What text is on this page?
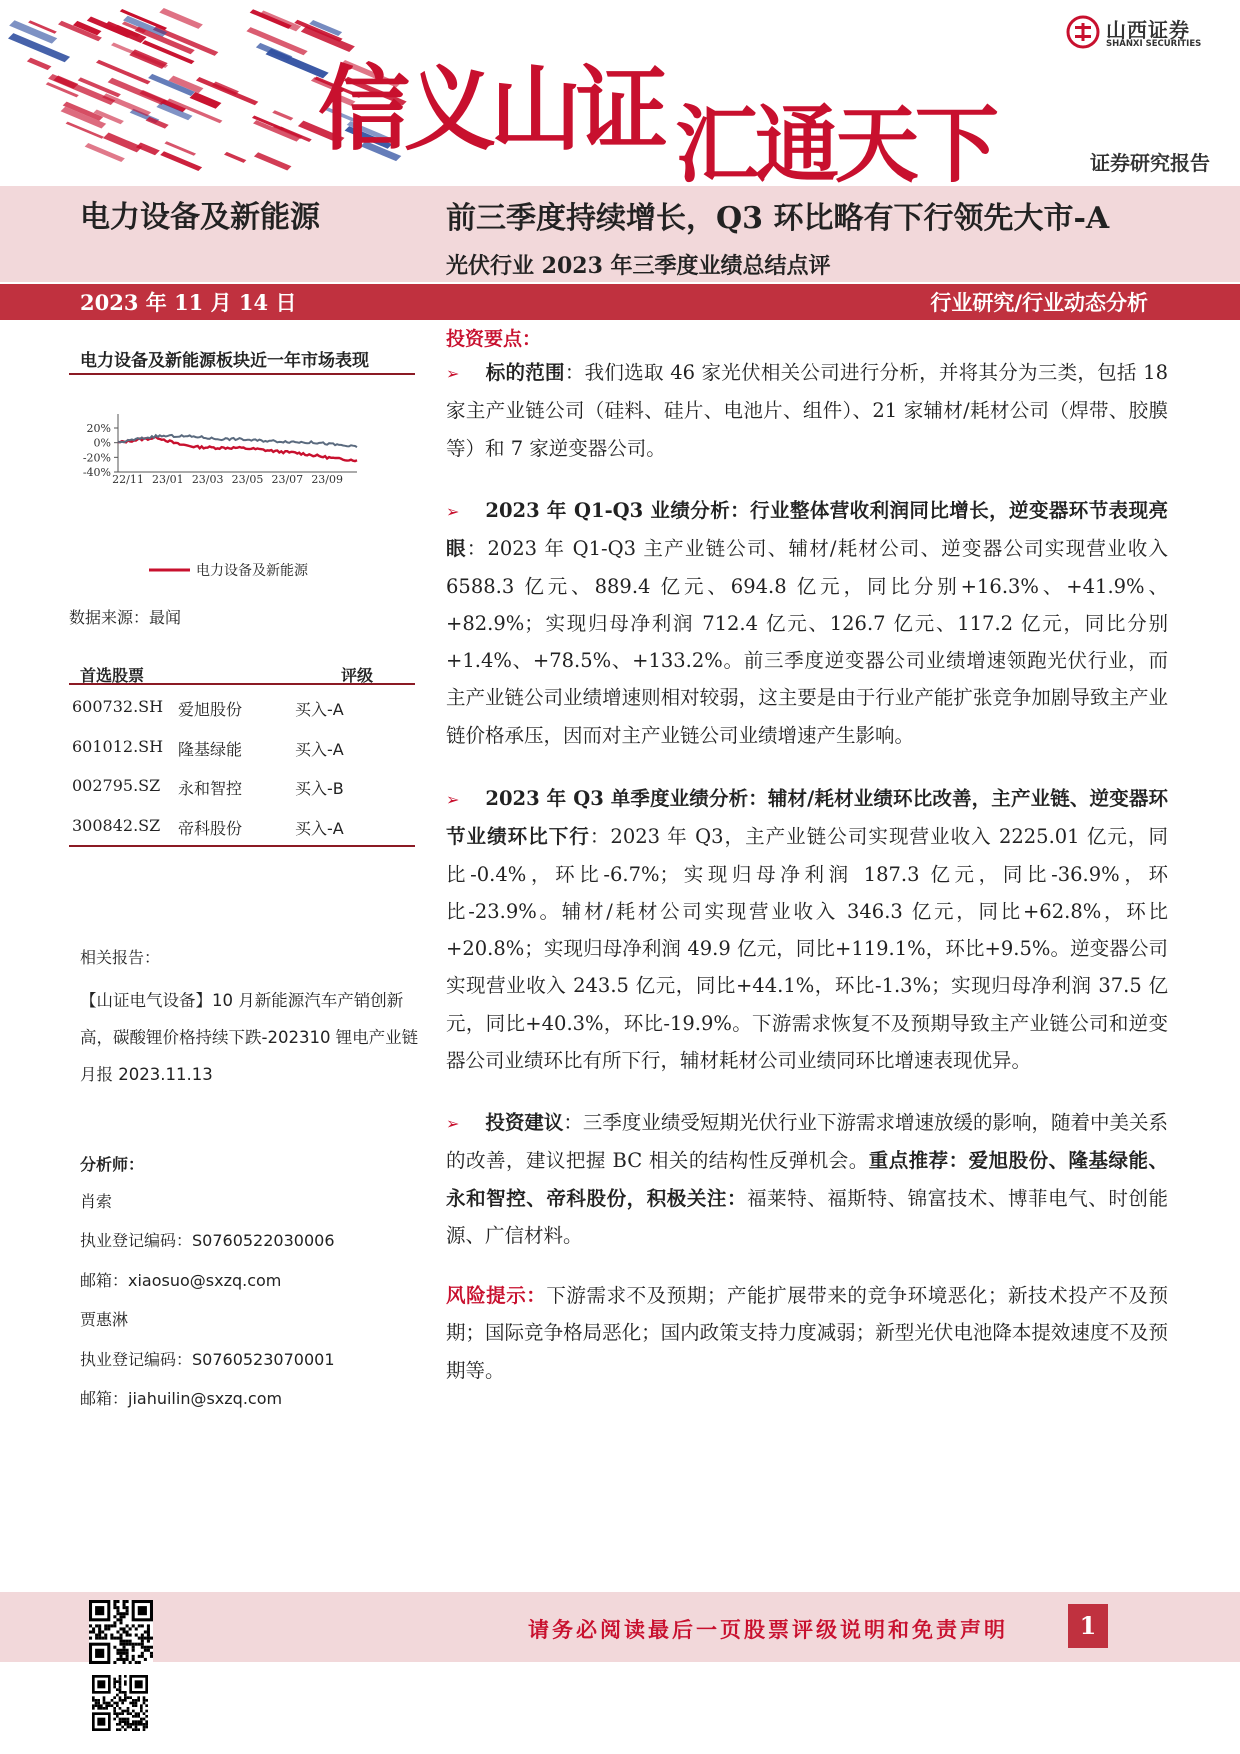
信义山证 汇通天下
山西证券
SHANXI SECURITIES
证券研究报告
电力设备及新能源	前三季度持续增长，Q3 环比略有下行领先大市-A
光伏行业 2023 年三季度业绩总结点评
2023 年 11 月 14 日	行业研究/行业动态分析
电力设备及新能源板块近一年市场表现
20%
0%
-20%
-40%
22/11 23/01 23/03 23/05 23/07 23/09
电力设备及新能源
数据来源：最闻
首选股票	评级
600732.SH 爱旭股份	买入-A
601012.SH 隆基绿能	买入-A
002795.SZ 永和智控	买入-B
300842.SZ 帝科股份	买入-A
相关报告：
【山证电气设备】10 月新能源汽车产销创新高，碳酸锂价格持续下跌-202310 锂电产业链月报 2023.11.13
分析师：
肖索
执业登记编码：S0760522030006
邮箱：xiaosuo@sxzq.com
贾惠淋
执业登记编码：S0760523070001
邮箱：jiahuilin@sxzq.com
投资要点：
➢ 标的范围：我们选取 46 家光伏相关公司进行分析，并将其分为三类，包括 18 家主产业链公司（硅料、硅片、电池片、组件）、21 家辅材/耗材公司（焊带、胶膜等）和 7 家逆变器公司。
➢ 2023 年 Q1-Q3 业绩分析：行业整体营收利润同比增长，逆变器环节表现亮眼：2023 年 Q1-Q3 主产业链公司、辅材/耗材公司、逆变器公司实现营业收入 6588.3 亿元、889.4 亿元、694.8 亿元，同比分别+16.3%、+41.9%、+82.9%；实现归母净利润 712.4 亿元、126.7 亿元、117.2 亿元，同比分别+1.4%、+78.5%、+133.2%。前三季度逆变器公司业绩增速领跑光伏行业，而主产业链公司业绩增速则相对较弱，这主要是由于行业产能扩张竞争加剧导致主产业链价格承压，因而对主产业链公司业绩增速产生影响。
➢ 2023 年 Q3 单季度业绩分析：辅材/耗材业绩环比改善，主产业链、逆变器环节业绩环比下行：2023 年 Q3，主产业链公司实现营业收入 2225.01 亿元，同比-0.4%，环比-6.7%；实现归母净利润 187.3 亿元，同比-36.9%，环比-23.9%。辅材/耗材公司实现营业收入 346.3 亿元，同比+62.8%，环比+20.8%；实现归母净利润 49.9 亿元，同比+119.1%，环比+9.5%。逆变器公司实现营业收入 243.5 亿元，同比+44.1%，环比-1.3%；实现归母净利润 37.5 亿元，同比+40.3%，环比-19.9%。下游需求恢复不及预期导致主产业链公司和逆变器公司业绩环比有所下行，辅材耗材公司业绩同环比增速表现优异。
➢ 投资建议：三季度业绩受短期光伏行业下游需求增速放缓的影响，随着中美关系的改善，建议把握 BC 相关的结构性反弹机会。重点推荐：爱旭股份、隆基绿能、永和智控、帝科股份，积极关注：福莱特、福斯特、锦富技术、博菲电气、时创能源、广信材料。
风险提示：下游需求不及预期；产能扩展带来的竞争环境恶化；新技术投产不及预期；国际竞争格局恶化；国内政策支持力度减弱；新型光伏电池降本提效速度不及预期等。
请务必阅读最后一页股票评级说明和免责声明	1
